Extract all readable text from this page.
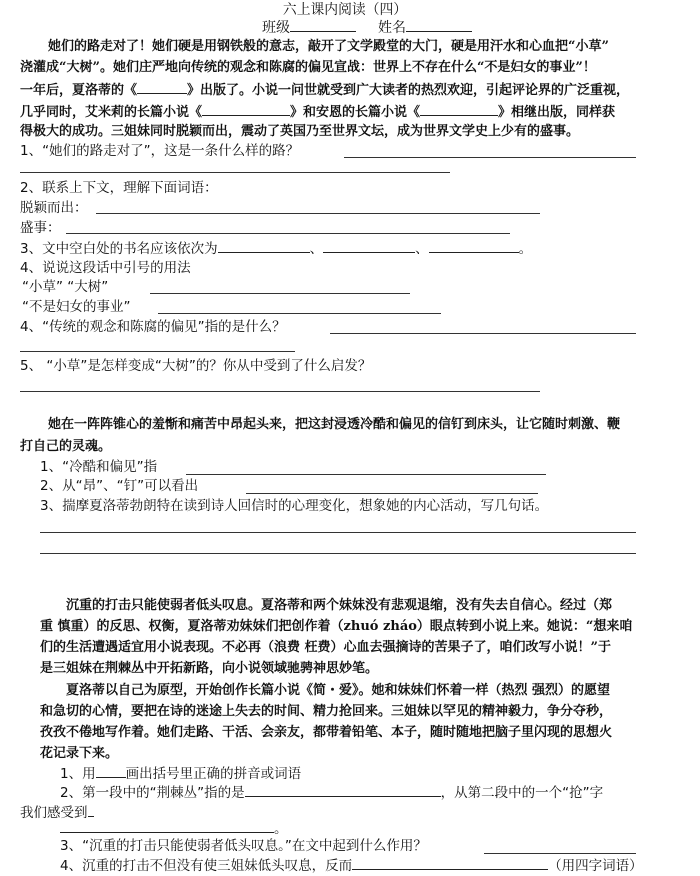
六上课内阅读（四）
班级	姓名
她们的路走对了！她们硬是用钢铁般的意志，敲开了文学殿堂的大门，硬是用汗水和心血把“小草”
浇灌成“大树”。她们庄严地向传统的观念和陈腐的偏见宣战：世界上不存在什么“不是妇女的事业”！
一年后，夏洛蒂的《	》出版了。小说一问世就受到广大读者的热烈欢迎，引起评论界的广泛重视，
几乎同时，艾米莉的长篇小说《	》和安恩的长篇小说《	》相继出版，同样获
得极大的成功。三姐妹同时脱颖而出，震动了英国乃至世界文坛，成为世界文学史上少有的盛事。
1、“她们的路走对了”，这是一条什么样的路？
2、联系上下文，理解下面词语：
脱颖而出：
盛事：
3、文中空白处的书名应该依次为	、	、	。
4、说说这段话中引号的用法
“小草” “大树”
“不是妇女的事业”
4、“传统的观念和陈腐的偏见”指的是什么？
5、 “小草”是怎样变成“大树”的？你从中受到了什么启发？
她在一阵阵锥心的羞惭和痛苦中昂起头来，把这封浸透冷酷和偏见的信钉到床头，让它随时刺激、鞭
打自己的灵魂。
1、“冷酷和偏见”指
2、从“昂”、“钉”可以看出
3、揣摩夏洛蒂勃朗特在读到诗人回信时的心理变化，想象她的内心活动，写几句话。
沉重的打击只能使弱者低头叹息。夏洛蒂和两个妹妹没有悲观退缩，没有失去自信心。经过（郑
重 慎重）的反思、权衡，夏洛蒂劝妹妹们把创作着（zhuó zháo）眼点转到小说上来。她说：“想来咱
们的生活遭遇适宜用小说表现。不必再（浪费 枉费）心血去强摘诗的苦果子了，咱们改写小说！”于
是三姐妹在荆棘丛中开拓新路，向小说领域驰骋神思妙笔。
夏洛蒂以自己为原型，开始创作长篇小说《简・爱》。她和妹妹们怀着一样（热烈 强烈）的愿望
和急切的心情，要把在诗的迷途上失去的时间、精力抢回来。三姐妹以罕见的精神毅力，争分夺秒，
孜孜不倦地写作着。她们走路、干活、会亲友，都带着铅笔、本子，随时随地把脑子里闪现的思想火
花记录下来。
1、用 画出括号里正确的拼音或词语
2、第一段中的“荆棘丛”指的是	，从第二段中的一个“抢”字
我们感受到
。
3、“沉重的打击只能使弱者低头叹息。”在文中起到什么作用？
4、沉重的打击不但没有使三姐妹低头叹息，反而	（用四字词语）
